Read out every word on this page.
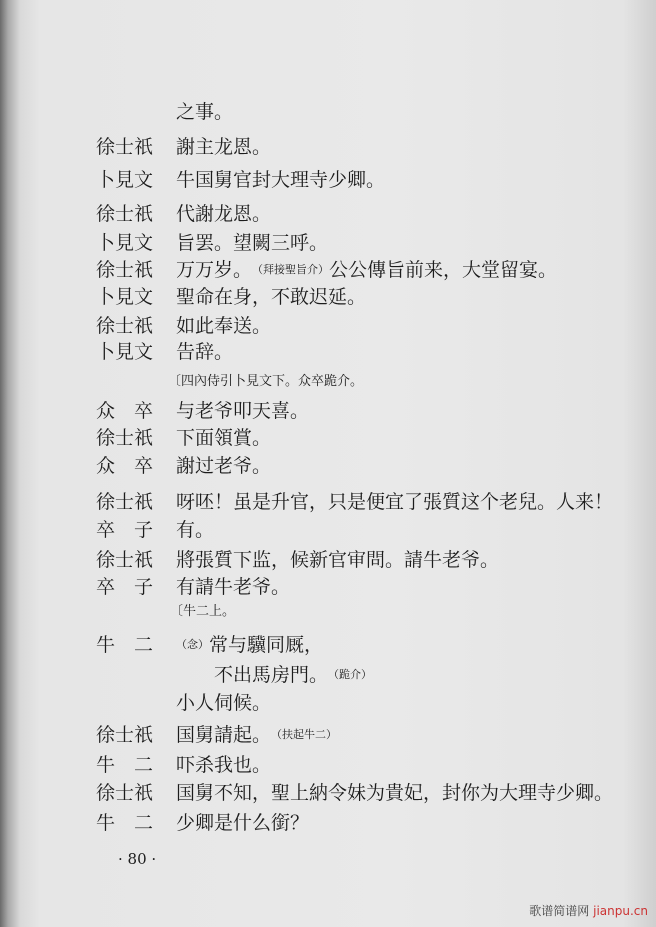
之事。
徐士祇	謝主龙恩。
卜見文	牛国舅官封大理寺少卿。
徐士祇	代謝龙恩。
卜見文	旨罢。望闕三呼。
徐士祇	万万岁。 （拜接聖旨介） 公公傳旨前来，大堂留宴。
卜見文	聖命在身，不敢迟延。
徐士祇	如此奉送。
卜見文	告辞。
〔四內侍引卜見文下。众卒跪介。
众　卒	与老爷叩天喜。
徐士祇	下面領賞。
众　卒	謝过老爷。
徐士祇	呀呸！虽是升官，只是便宜了張質这个老兒。人来！
卒　子	有。
徐士祇	將張質下监，候新官审問。請牛老爷。
卒　子	有請牛老爷。
〔牛二上。
牛　二	（念） 常与驥同厩，
　　不出馬房門。 （跪介）
小人伺候。
徐士祇	国舅請起。 （扶起牛二）
牛　二	吓杀我也。
徐士祇	国舅不知，聖上納令妹为貴妃，封你为大理寺少卿。
牛　二	少卿是什么銜？
· 80 ·
歌谱简谱网 jianpu.cn
